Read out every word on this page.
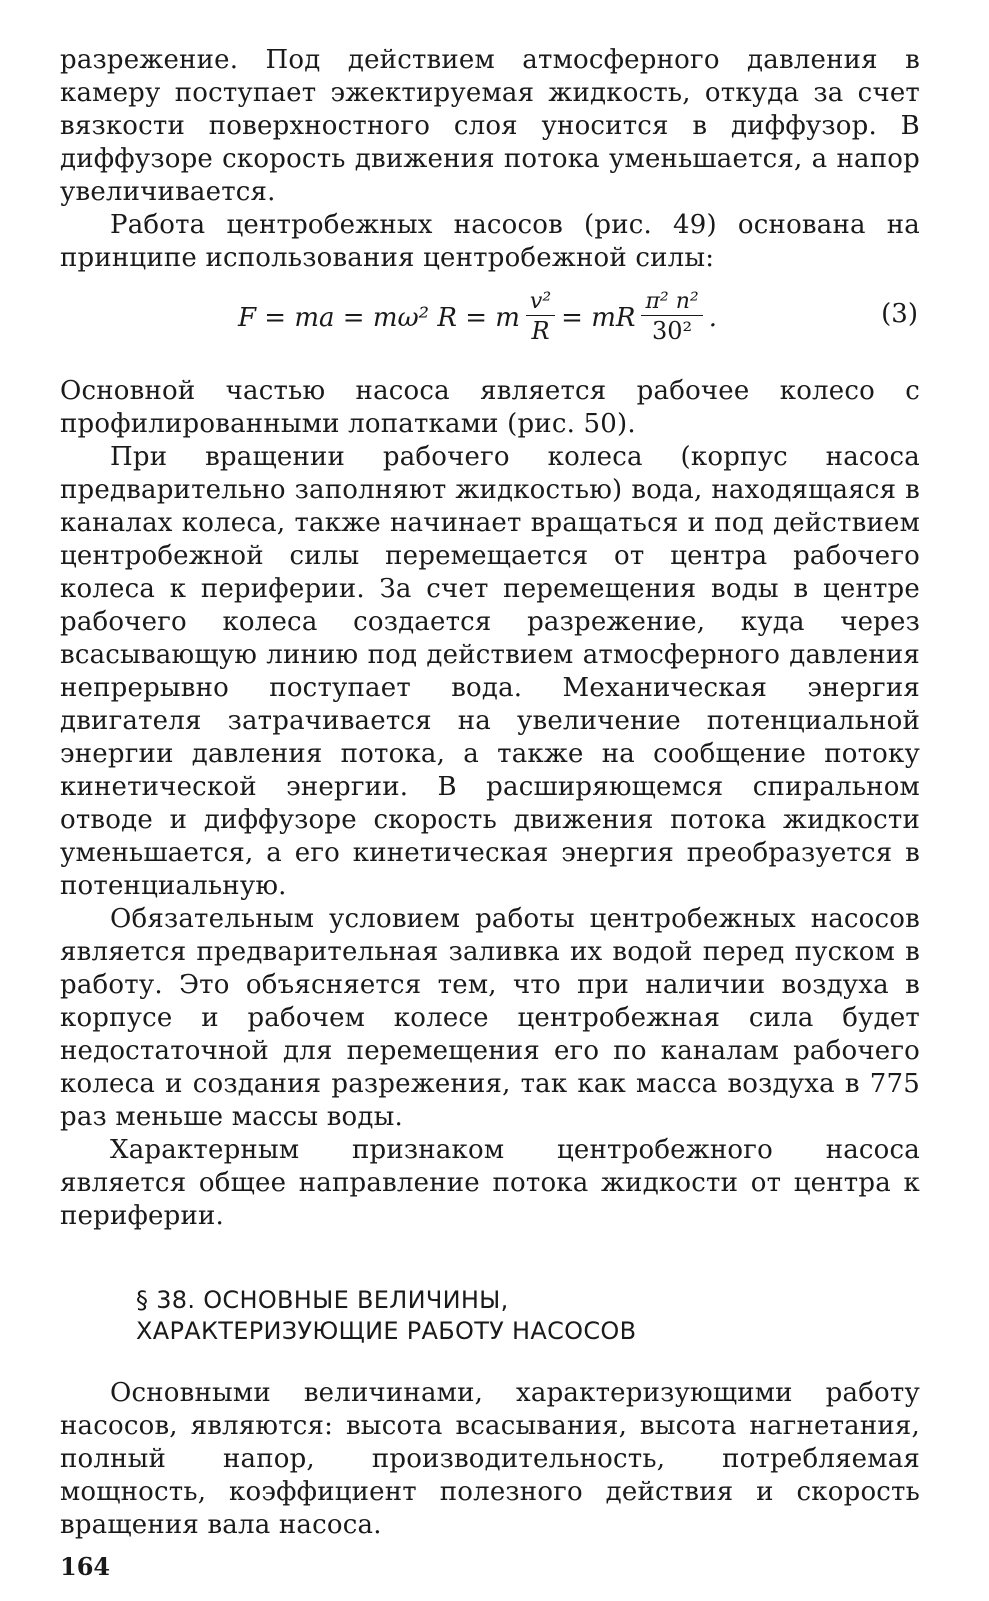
разрежение. Под действием атмосферного давления в камеру поступает эжектируемая жидкость, откуда за счет вязкости поверхностного слоя уносится в диффузор. В диффузоре скорость движения потока уменьшается, а напор увеличивается.

Работа центробежных насосов (рис. 49) основана на принципе использования центробежной силы:

F = ma = mω² R = m $\frac{\text{v²}}{R}$ = mR $\frac{\text{π² n²}}{\text{30²}}$ .	(3)

Основной частью насоса является рабочее колесо с профилированными лопатками (рис. 50).

При вращении рабочего колеса (корпус насоса предварительно заполняют жидкостью) вода, находящаяся в каналах колеса, также начинает вращаться и под действием центробежной силы перемещается от центра рабочего колеса к периферии. За счет перемещения воды в центре рабочего колеса создается разрежение, куда через всасывающую линию под действием атмосферного давления непрерывно поступает вода. Механическая энергия двигателя затрачивается на увеличение потенциальной энергии давления потока, а также на сообщение потоку кинетической энергии. В расширяющемся спиральном отводе и диффузоре скорость движения потока жидкости уменьшается, а его кинетическая энергия преобразуется в потенциальную.

Обязательным условием работы центробежных насосов является предварительная заливка их водой перед пуском в работу. Это объясняется тем, что при наличии воздуха в корпусе и рабочем колесе центробежная сила будет недостаточной для перемещения его по каналам рабочего колеса и создания разрежения, так как масса воздуха в 775 раз меньше массы воды.

Характерным признаком центробежного насоса является общее направление потока жидкости от центра к периферии.

§ 38. ОСНОВНЫЕ ВЕЛИЧИНЫ,

ХАРАКТЕРИЗУЮЩИЕ РАБОТУ НАСОСОВ

Основными величинами, характеризующими работу насосов, являются: высота всасывания, высота нагнетания, полный напор, производительность, потребляемая мощность, коэффициент полезного действия и скорость вращения вала насоса.

164
